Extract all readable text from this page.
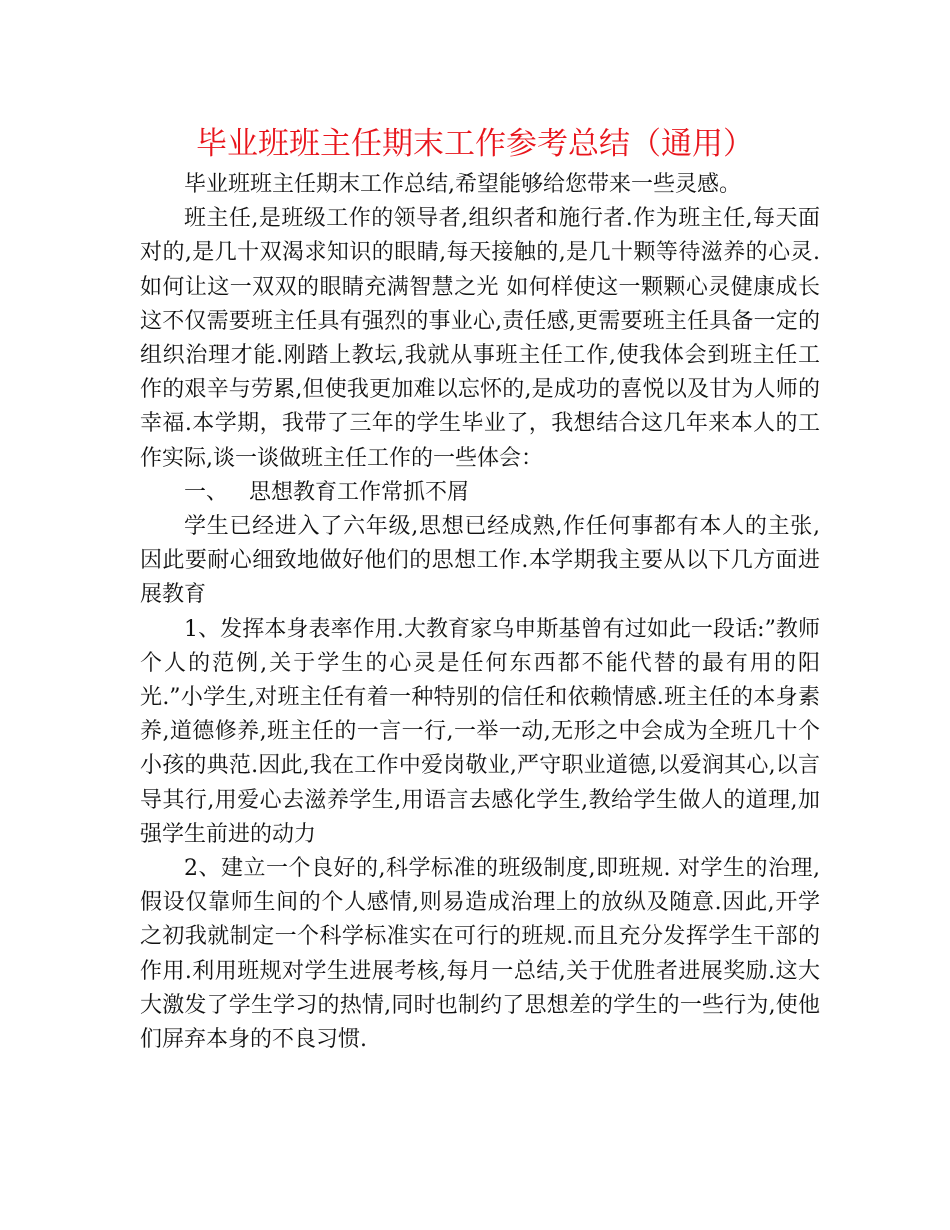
毕业班班主任期末工作参考总结（通用）

毕业班班主任期末工作总结,希望能够给您带来一些灵感。

班主任,是班级工作的领导者,组织者和施行者.作为班主任,每天面对的,是几十双渴求知识的眼睛,每天接触的,是几十颗等待滋养的心灵.如何让这一双双的眼睛充满智慧之光 如何样使这一颗颗心灵健康成长 这不仅需要班主任具有强烈的事业心,责任感,更需要班主任具备一定的组织治理才能.刚踏上教坛,我就从事班主任工作,使我体会到班主任工作的艰辛与劳累,但使我更加难以忘怀的,是成功的喜悦以及甘为人师的幸福.本学期，我带了三年的学生毕业了，我想结合这几年来本人的工作实际,谈一谈做班主任工作的一些体会：

一、   思想教育工作常抓不屑

学生已经进入了六年级,思想已经成熟,作任何事都有本人的主张,因此要耐心细致地做好他们的思想工作.本学期我主要从以下几方面进展教育

1、发挥本身表率作用.大教育家乌申斯基曾有过如此一段话:”教师个人的范例,关于学生的心灵是任何东西都不能代替的最有用的阳光.”小学生,对班主任有着一种特别的信任和依赖情感.班主任的本身素养,道德修养,班主任的一言一行,一举一动,无形之中会成为全班几十个小孩的典范.因此,我在工作中爱岗敬业,严守职业道德,以爱润其心,以言导其行,用爱心去滋养学生,用语言去感化学生,教给学生做人的道理,加强学生前进的动力

2、建立一个良好的,科学标准的班级制度,即班规. 对学生的治理,假设仅靠师生间的个人感情,则易造成治理上的放纵及随意.因此,开学之初我就制定一个科学标准实在可行的班规.而且充分发挥学生干部的作用.利用班规对学生进展考核,每月一总结,关于优胜者进展奖励.这大大激发了学生学习的热情,同时也制约了思想差的学生的一些行为,使他们屏弃本身的不良习惯.
